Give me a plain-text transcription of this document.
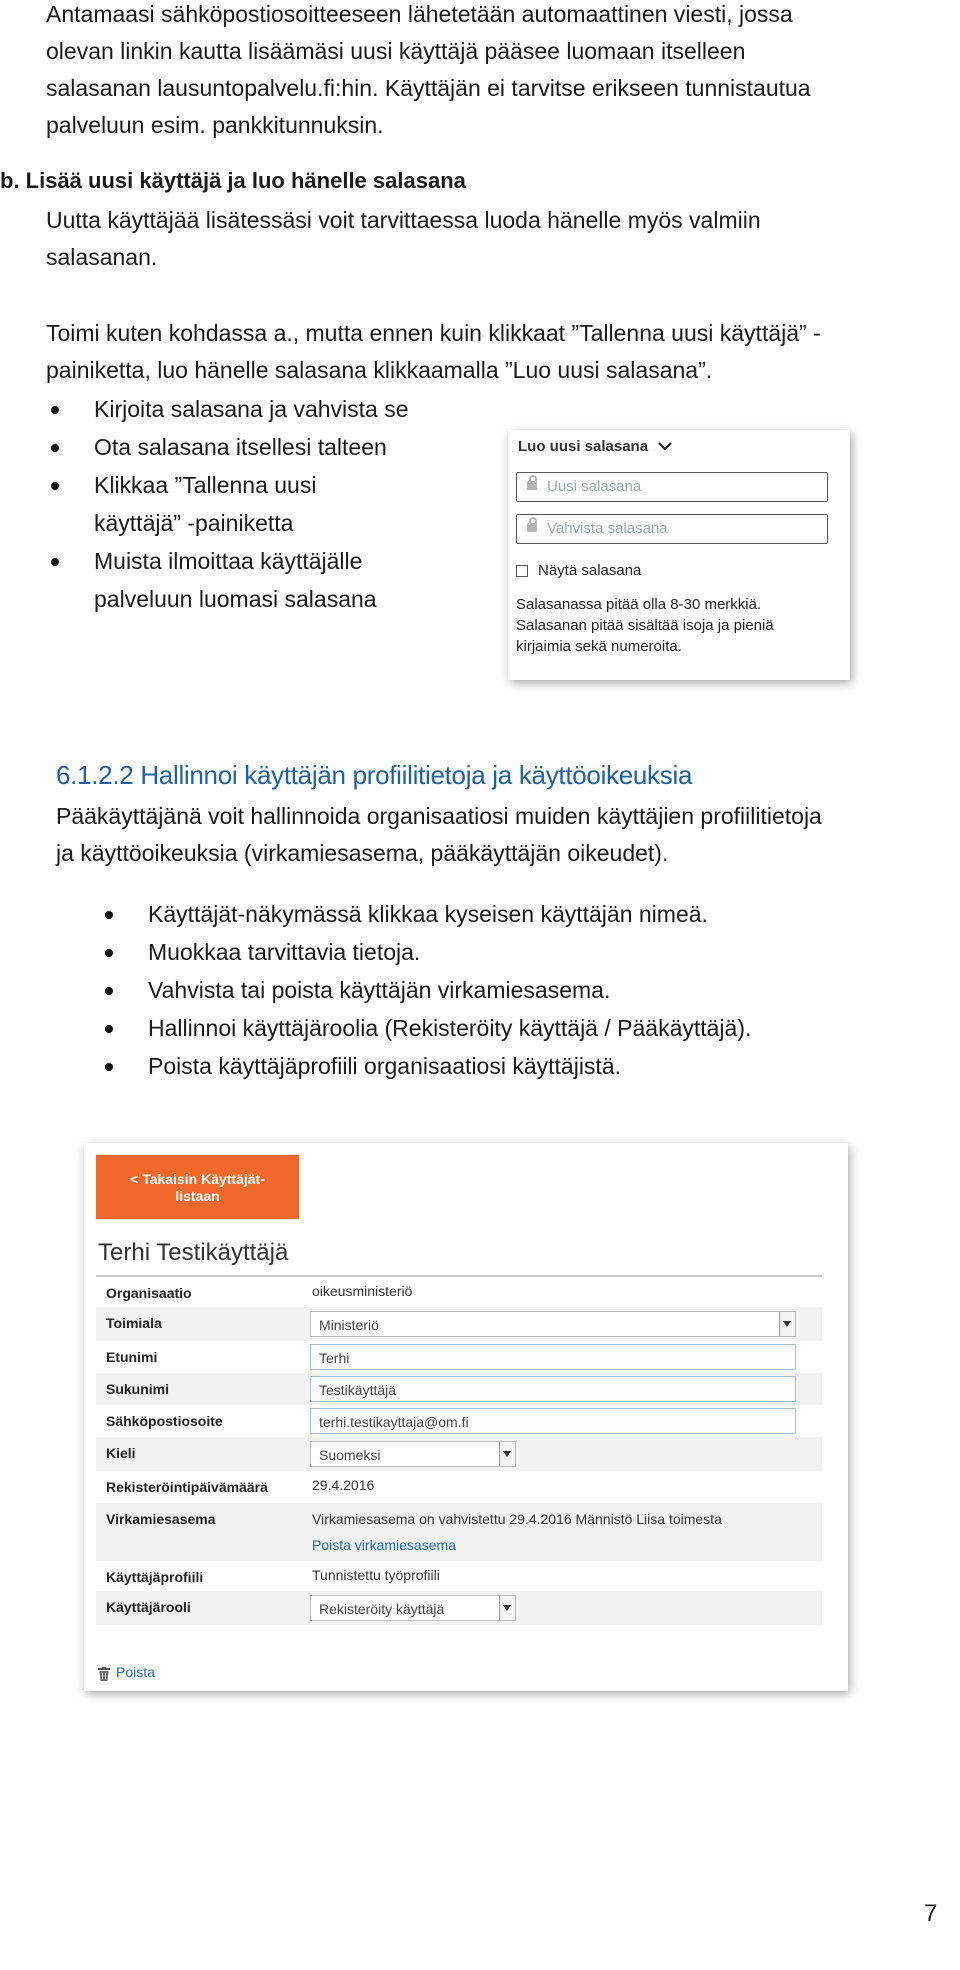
Antamaasi sähköpostiosoitteeseen lähetetään automaattinen viesti, jossa
olevan linkin kautta lisäämäsi uusi käyttäjä pääsee luomaan itselleen
salasanan lausuntopalvelu.fi:hin. Käyttäjän ei tarvitse erikseen tunnistautua
palveluun esim. pankkitunnuksin.
b. Lisää uusi käyttäjä ja luo hänelle salasana
Uutta käyttäjää lisätessäsi voit tarvittaessa luoda hänelle myös valmiin
salasanan.
Toimi kuten kohdassa a., mutta ennen kuin klikkaat ”Tallenna uusi käyttäjä” -
painiketta, luo hänelle salasana klikkaamalla ”Luo uusi salasana”.
Kirjoita salasana ja vahvista se
Ota salasana itsellesi talteen
Klikkaa ”Tallenna uusi
käyttäjä” -painiketta
Muista ilmoittaa käyttäjälle
palveluun luomasi salasana
Luo uusi salasana
Uusi salasana
Vahvista salasana
Näytä salasana
Salasanassa pitää olla 8-30 merkkiä.
Salasanan pitää sisältää isoja ja pieniä
kirjaimia sekä numeroita.
6.1.2.2 Hallinnoi käyttäjän profiilitietoja ja käyttöoikeuksia
Pääkäyttäjänä voit hallinnoida organisaatiosi muiden käyttäjien profiilitietoja
ja käyttöoikeuksia (virkamiesasema, pääkäyttäjän oikeudet).
Käyttäjät-näkymässä klikkaa kyseisen käyttäjän nimeä.
Muokkaa tarvittavia tietoja.
Vahvista tai poista käyttäjän virkamiesasema.
Hallinnoi käyttäjäroolia (Rekisteröity käyttäjä / Pääkäyttäjä).
Poista käyttäjäprofiili organisaatiosi käyttäjistä.
< Takaisin Käyttäjät-
listaan
Terhi Testikäyttäjä
Organisaatio	oikeusministeriö
Toimiala	Ministeriö
Etunimi	Terhi
Sukunimi	Testikäyttäjä
Sähköpostiosoite	terhi.testikayttaja@om.fi
Kieli	Suomeksi
Rekisteröintipäivämäärä	29.4.2016
Virkamiesasema	Virkamiesasema on vahvistettu 29.4.2016 Männistö Liisa toimesta
Poista virkamiesasema
Käyttäjäprofiili	Tunnistettu työprofiili
Käyttäjärooli	Rekisteröity käyttäjä
Poista
7
